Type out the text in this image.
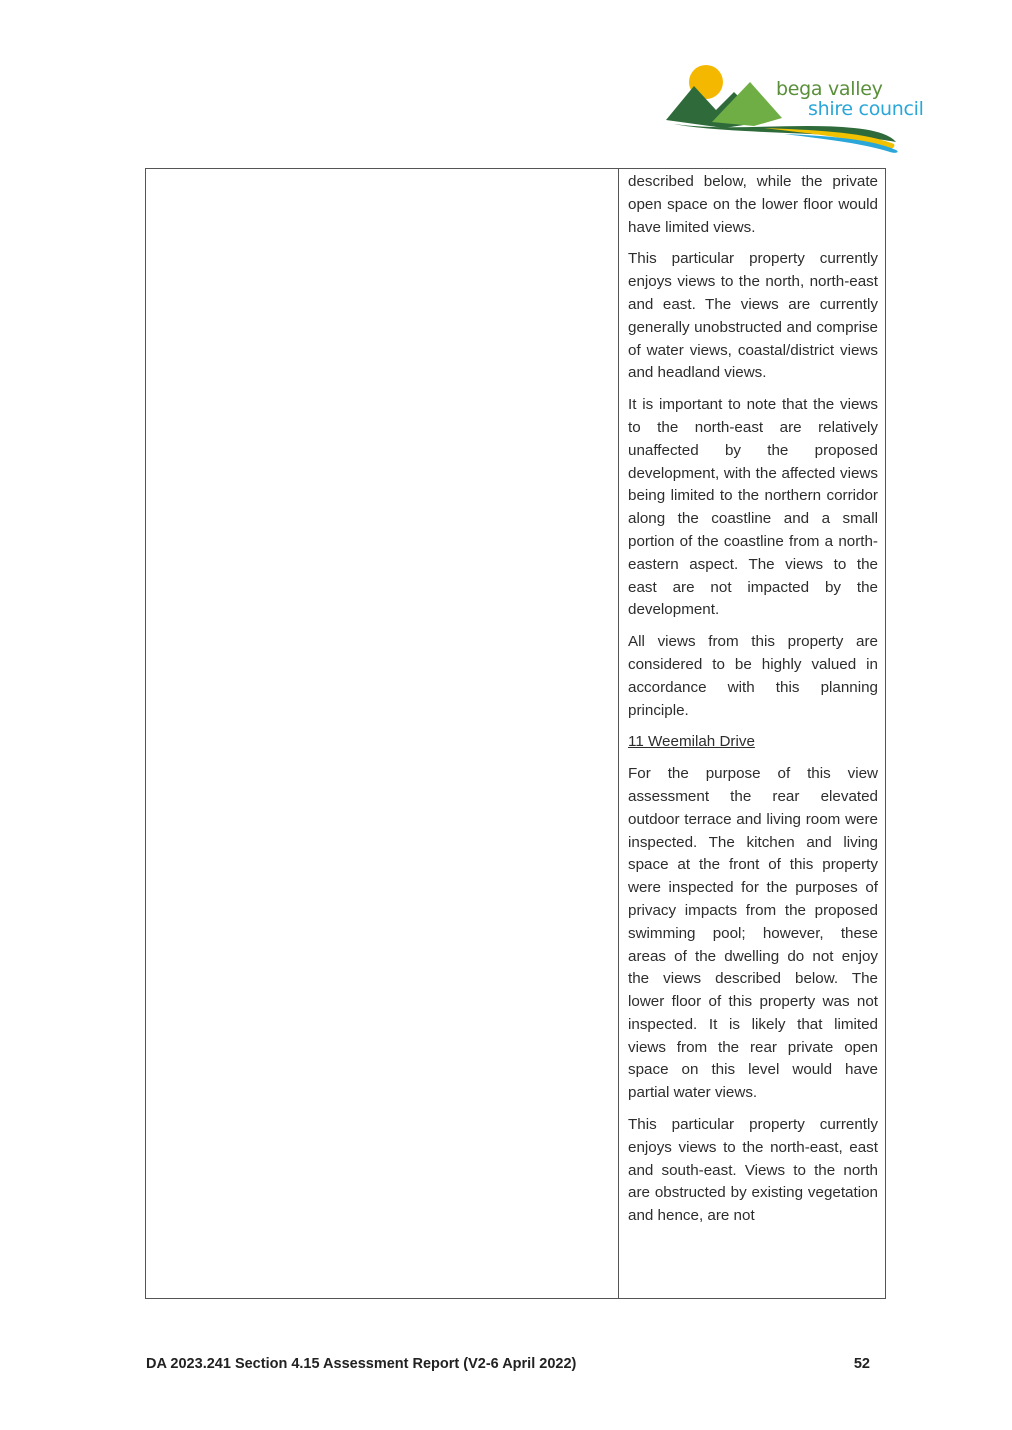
bega valley
shire council

described below, while the private open space on the lower floor would have limited views.

This particular property currently enjoys views to the north, north-east and east. The views are currently generally unobstructed and comprise of water views, coastal/district views and headland views.

It is important to note that the views to the north-east are relatively unaffected by the proposed development, with the affected views being limited to the northern corridor along the coastline and a small portion of the coastline from a north-eastern aspect. The views to the east are not impacted by the development.

All views from this property are considered to be highly valued in accordance with this planning principle.

11 Weemilah Drive

For the purpose of this view assessment the rear elevated outdoor terrace and living room were inspected. The kitchen and living space at the front of this property were inspected for the purposes of privacy impacts from the proposed swimming pool; however, these areas of the dwelling do not enjoy the views described below. The lower floor of this property was not inspected. It is likely that limited views from the rear private open space on this level would have partial water views.

This particular property currently enjoys views to the north-east, east and south-east. Views to the north are obstructed by existing vegetation and hence, are not

DA 2023.241 Section 4.15 Assessment Report (V2-6 April 2022)	52
